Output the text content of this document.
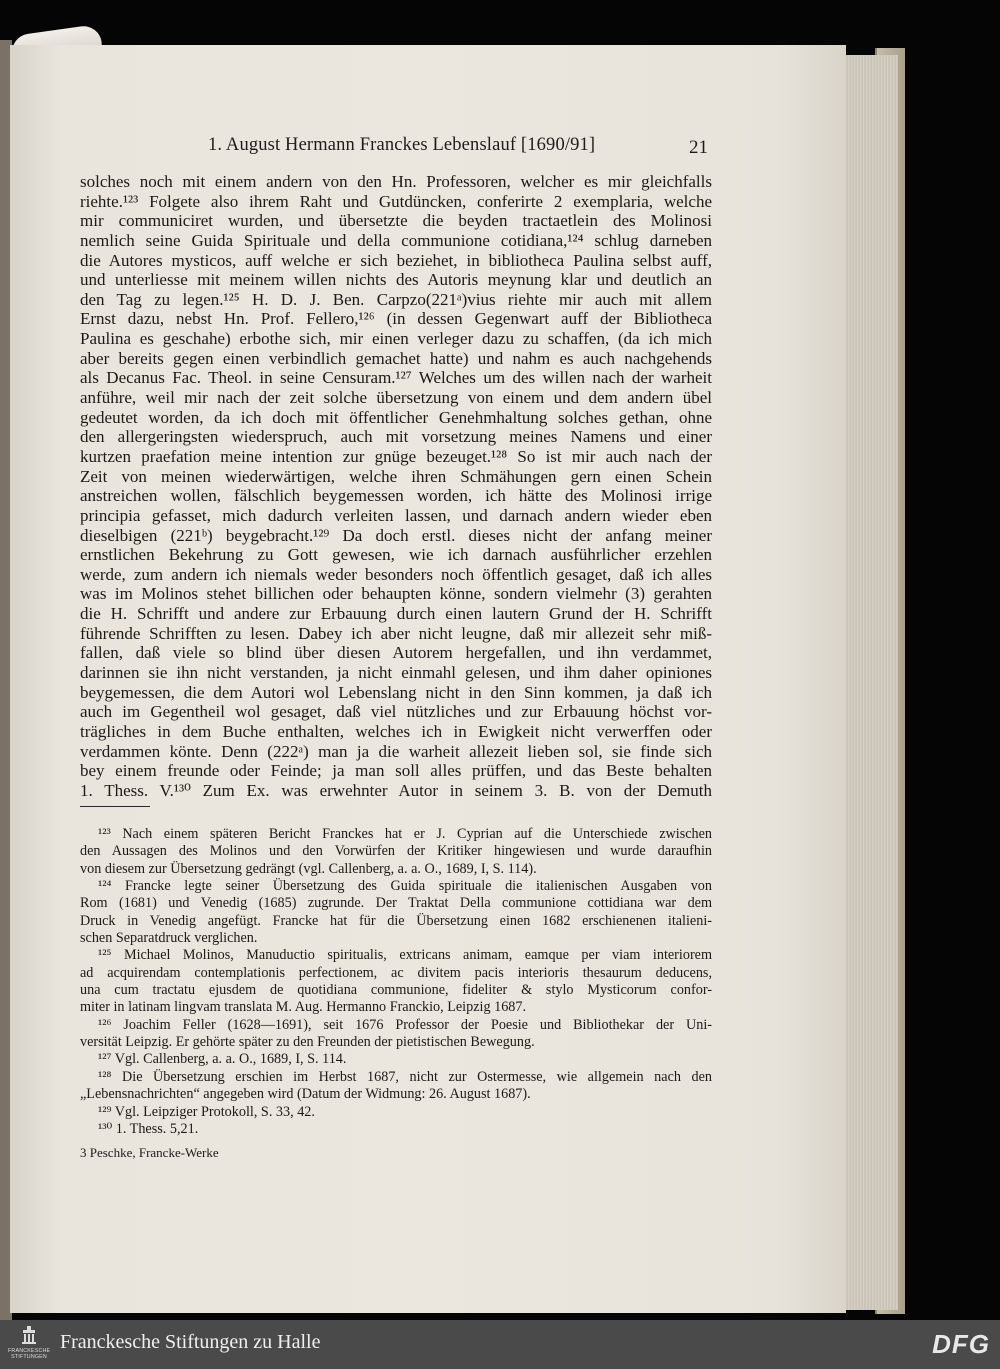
1. August Hermann Franckes Lebenslauf [1690/91]	21
solches noch mit einem andern von den Hn. Professoren, welcher es mir gleichfalls
riehte.¹²³ Folgete also ihrem Raht und Gutdüncken, conferirte 2 exemplaria, welche
mir communiciret wurden, und übersetzte die beyden tractaetlein des Molinosi
nemlich seine Guida Spirituale und della communione cotidiana,¹²⁴ schlug darneben
die Autores mysticos, auff welche er sich beziehet, in bibliotheca Paulina selbst auff,
und unterliesse mit meinem willen nichts des Autoris meynung klar und deutlich an
den Tag zu legen.¹²⁵ H. D. J. Ben. Carpzo(221ᵃ)vius riehte mir auch mit allem
Ernst dazu, nebst Hn. Prof. Fellero,¹²⁶ (in dessen Gegenwart auff der Bibliotheca
Paulina es geschahe) erbothe sich, mir einen verleger dazu zu schaffen, (da ich mich
aber bereits gegen einen verbindlich gemachet hatte) und nahm es auch nachgehends
als Decanus Fac. Theol. in seine Censuram.¹²⁷ Welches um des willen nach der warheit
anführe, weil mir nach der zeit solche übersetzung von einem und dem andern übel
gedeutet worden, da ich doch mit öffentlicher Genehmhaltung solches gethan, ohne
den allergeringsten wiederspruch, auch mit vorsetzung meines Namens und einer
kurtzen praefation meine intention zur gnüge bezeuget.¹²⁸ So ist mir auch nach der
Zeit von meinen wiederwärtigen, welche ihren Schmähungen gern einen Schein
anstreichen wollen, fälschlich beygemessen worden, ich hätte des Molinosi irrige
principia gefasset, mich dadurch verleiten lassen, und darnach andern wieder eben
dieselbigen (221ᵇ) beygebracht.¹²⁹ Da doch erstl. dieses nicht der anfang meiner
ernstlichen Bekehrung zu Gott gewesen, wie ich darnach ausführlicher erzehlen
werde, zum andern ich niemals weder besonders noch öffentlich gesaget, daß ich alles
was im Molinos stehet billichen oder behaupten könne, sondern vielmehr (3) gerahten
die H. Schrifft und andere zur Erbauung durch einen lautern Grund der H. Schrifft
führende Schrifften zu lesen. Dabey ich aber nicht leugne, daß mir allezeit sehr miß-
fallen, daß viele so blind über diesen Autorem hergefallen, und ihn verdammet,
darinnen sie ihn nicht verstanden, ja nicht einmahl gelesen, und ihm daher opiniones
beygemessen, die dem Autori wol Lebenslang nicht in den Sinn kommen, ja daß ich
auch im Gegentheil wol gesaget, daß viel nützliches und zur Erbauung höchst vor-
trägliches in dem Buche enthalten, welches ich in Ewigkeit nicht verwerffen oder
verdammen könte. Denn (222ᵃ) man ja die warheit allezeit lieben sol, sie finde sich
bey einem freunde oder Feinde; ja man soll alles prüffen, und das Beste behalten
1. Thess. V.¹³⁰ Zum Ex. was erwehnter Autor in seinem 3. B. von der Demuth
¹²³ Nach einem späteren Bericht Franckes hat er J. Cyprian auf die Unterschiede zwischen
den Aussagen des Molinos und den Vorwürfen der Kritiker hingewiesen und wurde daraufhin
von diesem zur Übersetzung gedrängt (vgl. Callenberg, a. a. O., 1689, I, S. 114).
¹²⁴ Francke legte seiner Übersetzung des Guida spirituale die italienischen Ausgaben von
Rom (1681) und Venedig (1685) zugrunde. Der Traktat Della communione cottidiana war dem
Druck in Venedig angefügt. Francke hat für die Übersetzung einen 1682 erschienenen italieni-
schen Separatdruck verglichen.
¹²⁵ Michael Molinos, Manuductio spiritualis, extricans animam, eamque per viam interiorem
ad acquirendam contemplationis perfectionem, ac divitem pacis interioris thesaurum deducens,
una cum tractatu ejusdem de quotidiana communione, fideliter & stylo Mysticorum confor-
miter in latinam lingvam translata M. Aug. Hermanno Franckio, Leipzig 1687.
¹²⁶ Joachim Feller (1628—1691), seit 1676 Professor der Poesie und Bibliothekar der Uni-
versität Leipzig. Er gehörte später zu den Freunden der pietistischen Bewegung.
¹²⁷ Vgl. Callenberg, a. a. O., 1689, I, S. 114.
¹²⁸ Die Übersetzung erschien im Herbst 1687, nicht zur Ostermesse, wie allgemein nach den
„Lebensnachrichten“ angegeben wird (Datum der Widmung: 26. August 1687).
¹²⁹ Vgl. Leipziger Protokoll, S. 33, 42.
¹³⁰ 1. Thess. 5,21.
3 Peschke, Francke-Werke
FRANCKESCHE STIFTUNGEN
Franckesche Stiftungen zu Halle	DFG
